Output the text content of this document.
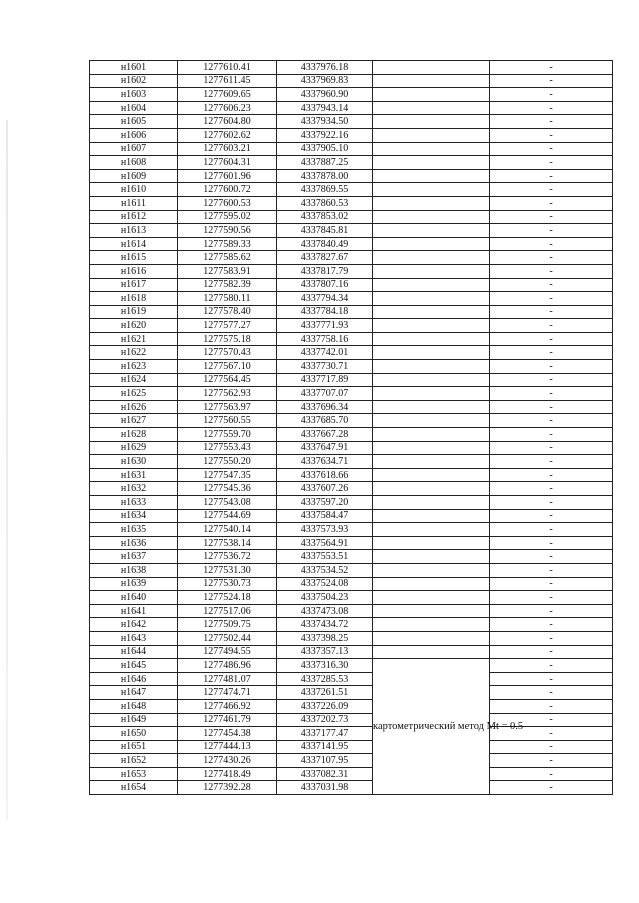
н1601	1277610.41	4337976.18		-
н1602	1277611.45	4337969.83		-
н1603	1277609.65	4337960.90		-
н1604	1277606.23	4337943.14		-
н1605	1277604.80	4337934.50		-
н1606	1277602.62	4337922.16		-
н1607	1277603.21	4337905.10		-
н1608	1277604.31	4337887.25		-
н1609	1277601.96	4337878.00		-
н1610	1277600.72	4337869.55		-
н1611	1277600.53	4337860.53		-
н1612	1277595.02	4337853.02		-
н1613	1277590.56	4337845.81		-
н1614	1277589.33	4337840.49		-
н1615	1277585.62	4337827.67		-
н1616	1277583.91	4337817.79		-
н1617	1277582.39	4337807.16		-
н1618	1277580.11	4337794.34		-
н1619	1277578.40	4337784.18		-
н1620	1277577.27	4337771.93		-
н1621	1277575.18	4337758.16		-
н1622	1277570.43	4337742.01		-
н1623	1277567.10	4337730.71		-
н1624	1277564.45	4337717.89		-
н1625	1277562.93	4337707.07		-
н1626	1277563.97	4337696.34		-
н1627	1277560.55	4337685.70		-
н1628	1277559.70	4337667.28		-
н1629	1277553.43	4337647.91		-
н1630	1277550.20	4337634.71		-
н1631	1277547.35	4337618.66		-
н1632	1277545.36	4337607.26		-
н1633	1277543.08	4337597.20		-
н1634	1277544.69	4337584.47		-
н1635	1277540.14	4337573.93		-
н1636	1277538.14	4337564.91		-
н1637	1277536.72	4337553.51		-
н1638	1277531.30	4337534.52		-
н1639	1277530.73	4337524.08		-
н1640	1277524.18	4337504.23		-
н1641	1277517.06	4337473.08		-
н1642	1277509.75	4337434.72		-
н1643	1277502.44	4337398.25		-
н1644	1277494.55	4337357.13		-
н1645	1277486.96	4337316.30	картометрический метод Mt = 0.5	-
н1646	1277481.07	4337285.53		-
н1647	1277474.71	4337261.51		-
н1648	1277466.92	4337226.09		-
н1649	1277461.79	4337202.73		-
н1650	1277454.38	4337177.47		-
н1651	1277444.13	4337141.95		-
н1652	1277430.26	4337107.95		-
н1653	1277418.49	4337082.31		-
н1654	1277392.28	4337031.98		-
